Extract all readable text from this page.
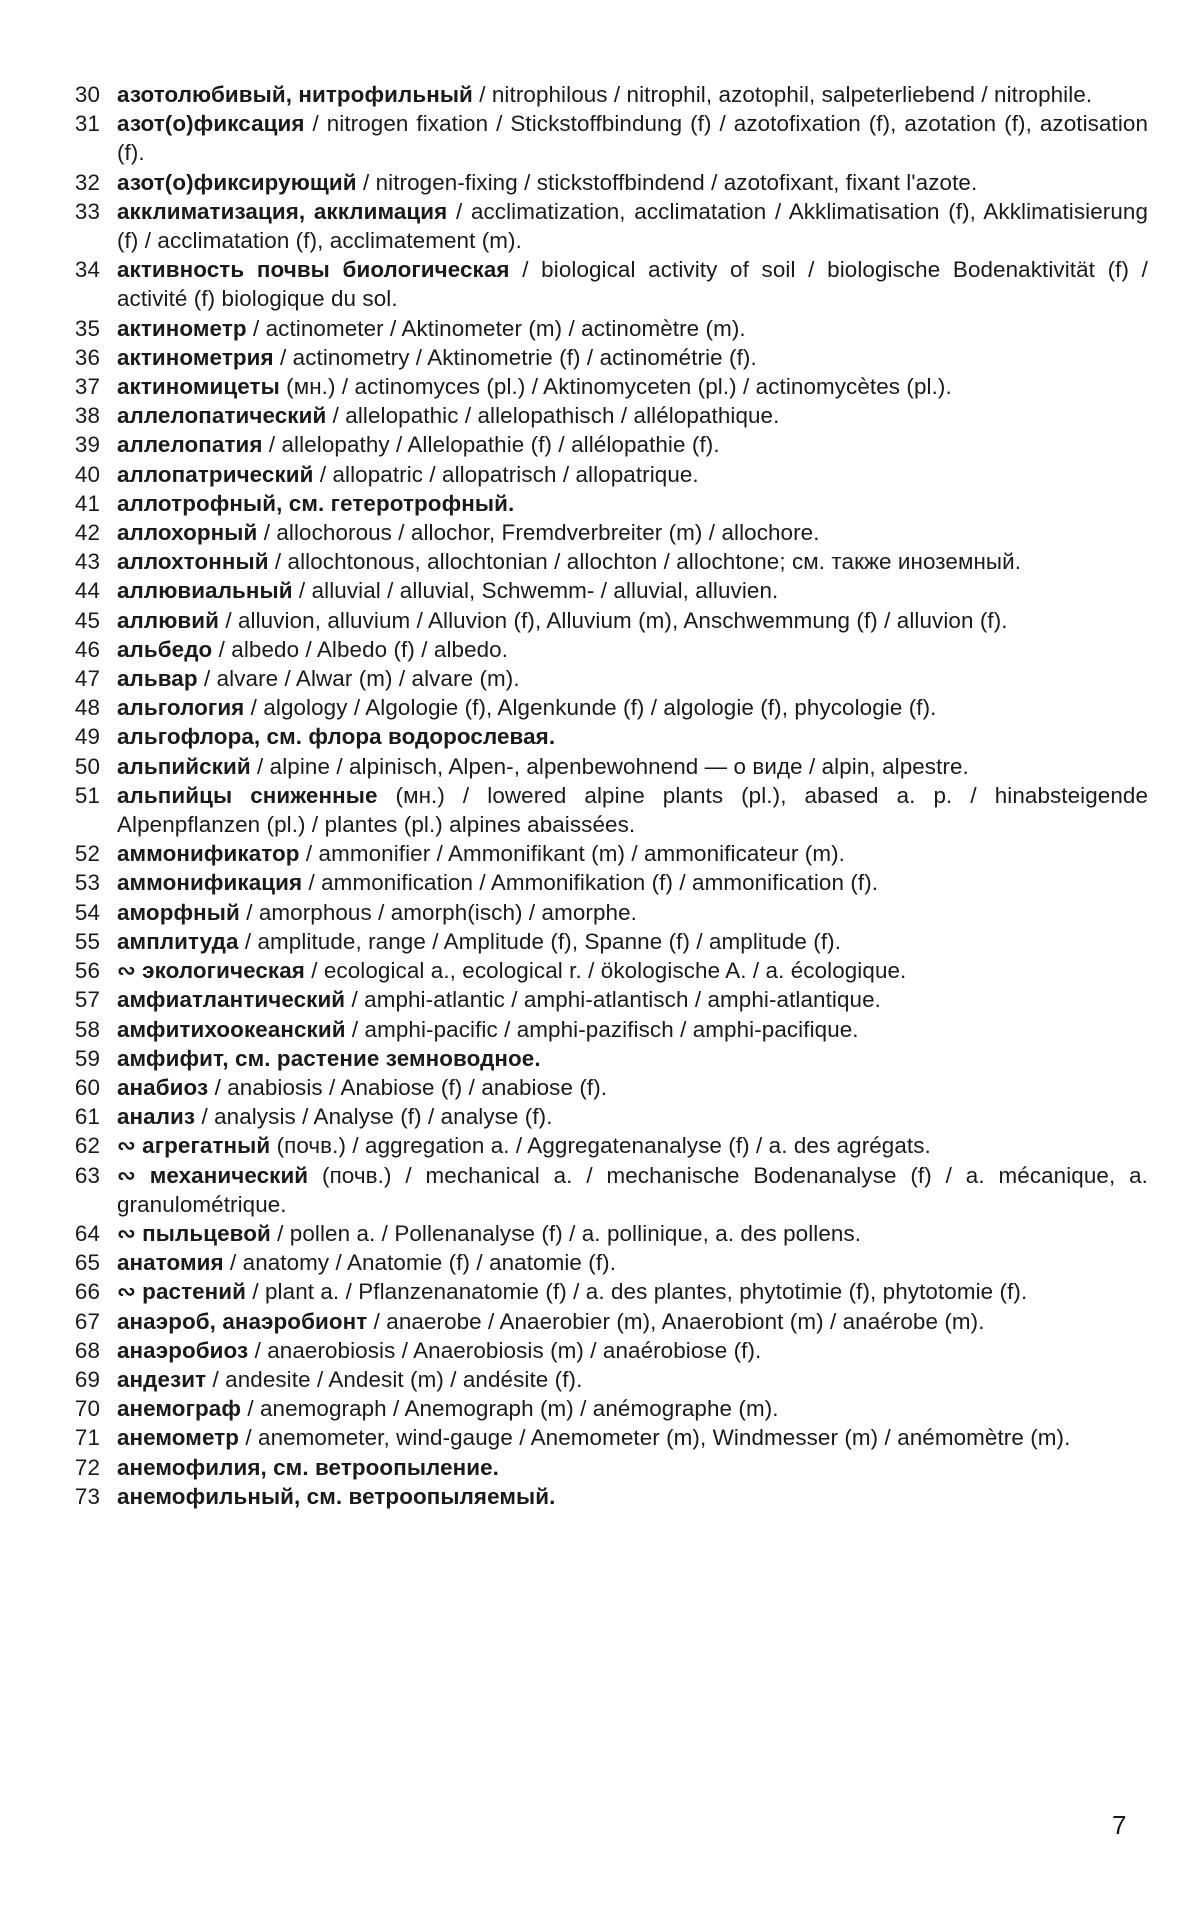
30 азотолюбивый, нитрофильный / nitrophilous / nitrophil, azotophil, salpeterliebend / nitrophile.
31 азот(о)фиксация / nitrogen fixation / Stickstoffbindung (f) / azotofixation (f), azotation (f), azotisation (f).
32 азот(о)фиксирующий / nitrogen-fixing / stickstoffbindend / azotofixant, fixant l'azote.
33 акклиматизация, акклимация / acclimatization, acclimatation / Akklimatisation (f), Akklimatisierung (f) / acclimatation (f), acclimatement (m).
34 активность почвы биологическая / biological activity of soil / biologische Bodenaktivität (f) / activité (f) biologique du sol.
35 актинометр / actinometer / Aktinometer (m) / actinomètre (m).
36 актинометрия / actinometry / Aktinometrie (f) / actinométrie (f).
37 актиномицеты (мн.) / actinomyces (pl.) / Aktinomyceten (pl.) / actinomycètes (pl.).
38 аллелопатический / allelopathic / allelopathisch / allélopathique.
39 аллелопатия / allelopathy / Allelopathie (f) / allélopathie (f).
40 аллопатрический / allopatric / allopatrisch / allopatrique.
41 аллотрофный, см. гетеротрофный.
42 аллохорный / allochorous / allochor, Fremdverbreiter (m) / allochore.
43 аллохтонный / allochtonous, allochtonian / allochton / allochtone; см. также иноземный.
44 аллювиальный / alluvial / alluvial, Schwemm- / alluvial, alluvien.
45 аллювий / alluvion, alluvium / Alluvion (f), Alluvium (m), Anschwemmung (f) / alluvion (f).
46 альбедо / albedo / Albedo (f) / albedo.
47 альвар / alvare / Alwar (m) / alvare (m).
48 альгология / algology / Algologie (f), Algenkunde (f) / algologie (f), phycologie (f).
49 альгофлора, см. флора водорослевая.
50 альпийский / alpine / alpinisch, Alpen-, alpenbewohnend — о виде / alpin, alpestre.
51 альпийцы сниженные (мн.) / lowered alpine plants (pl.), abased a. p. / hinabsteigende Alpenpflanzen (pl.) / plantes (pl.) alpines abaissées.
52 аммонификатор / ammonifier / Ammonifikant (m) / ammonificateur (m).
53 аммонификация / ammonification / Ammonifikation (f) / ammonification (f).
54 аморфный / amorphous / amorph(isch) / amorphe.
55 амплитуда / amplitude, range / Amplitude (f), Spanne (f) / amplitude (f).
56 ∾ экологическая / ecological a., ecological r. / ökologische A. / a. écologique.
57 амфиатлантический / amphi-atlantic / amphi-atlantisch / amphi-atlantique.
58 амфитихоокеанский / amphi-pacific / amphi-pazifisch / amphi-pacifique.
59 амфифит, см. растение земноводное.
60 анабиоз / anabiosis / Anabiose (f) / anabiose (f).
61 анализ / analysis / Analyse (f) / analyse (f).
62 ∾ агрегатный (почв.) / aggregation a. / Aggregatenanalyse (f) / a. des agrégats.
63 ∾ механический (почв.) / mechanical a. / mechanische Bodenanalyse (f) / a. mécanique, a. granulométrique.
64 ∾ пыльцевой / pollen a. / Pollenanalyse (f) / a. pollinique, a. des pollens.
65 анатомия / anatomy / Anatomie (f) / anatomie (f).
66 ∾ растений / plant a. / Pflanzenanatomie (f) / a. des plantes, phytotimie (f), phytotomie (f).
67 анаэроб, анаэробионт / anaerobe / Anaerobier (m), Anaerobiont (m) / anaérobe (m).
68 анаэробиоз / anaerobiosis / Anaerobiosis (m) / anaérobiose (f).
69 андезит / andesite / Andesit (m) / andésite (f).
70 анемограф / anemograph / Anemograph (m) / anémographe (m).
71 анемометр / anemometer, wind-gauge / Anemometer (m), Windmesser (m) / anémomètre (m).
72 анемофилия, см. ветроопыление.
73 анемофильный, см. ветроопыляемый.
7
